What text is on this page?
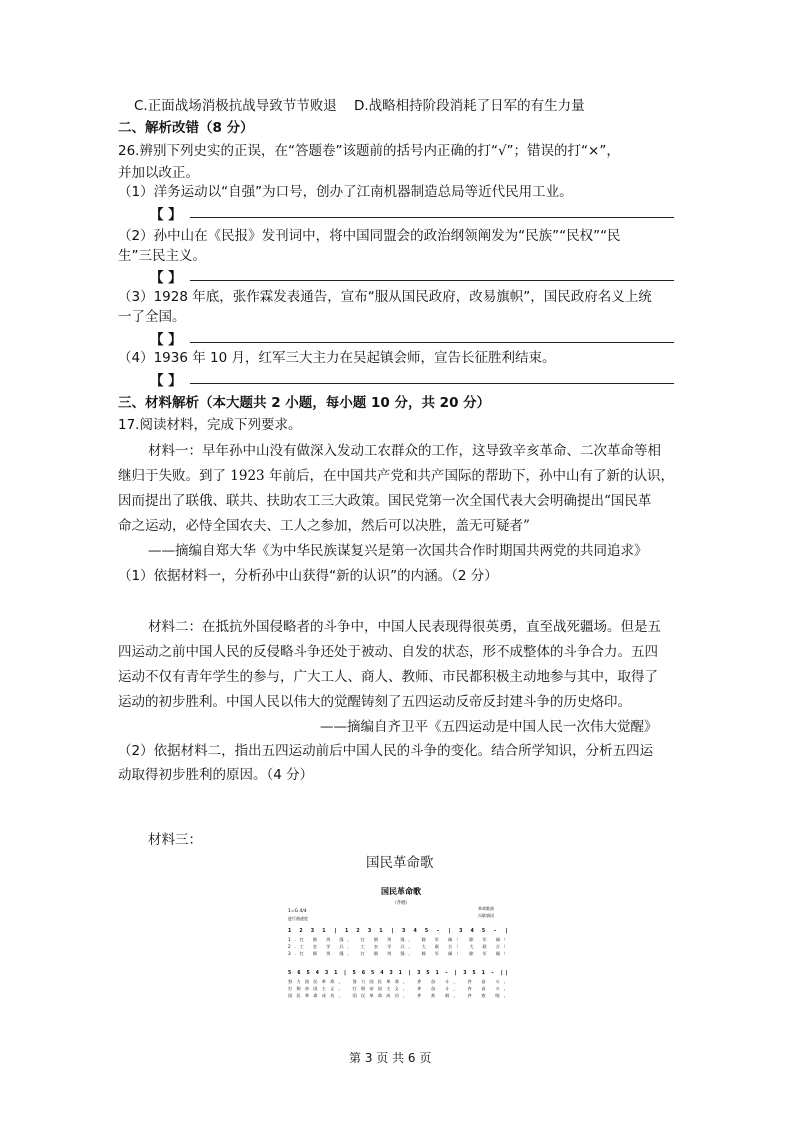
C.正面战场消极抗战导致节节败退 D.战略相持阶段消耗了日军的有生力量
二、解析改错（8 分）
26.辨别下列史实的正误，在“答题卷”该题前的括号内正确的打“√”；错误的打“×”，
并加以改正。
（1）洋务运动以“自强”为口号，创办了江南机器制造总局等近代民用工业。
【 】
（2）孙中山在《民报》发刊词中，将中国同盟会的政治纲领阐发为“民族”“民权”“民
生”三民主义。
【 】
（3）1928 年底，张作霖发表通告，宣布“服从国民政府，改易旗帜”，国民政府名义上统
一了全国。
【 】
（4）1936 年 10 月，红军三大主力在吴起镇会师，宣告长征胜利结束。
【 】
三、材料解析（本大题共 2 小题，每小题 10 分，共 20 分）
17.阅读材料，完成下列要求。
材料一：早年孙中山没有做深入发动工农群众的工作，这导致辛亥革命、二次革命等相
继归于失败。到了 1923 年前后，在中国共产党和共产国际的帮助下，孙中山有了新的认识，
因而提出了联俄、联共、扶助农工三大政策。国民党第一次全国代表大会明确提出“国民革
命之运动，必恃全国农夫、工人之参加，然后可以决胜，盖无可疑者”
——摘编自郑大华《为中华民族谋复兴是第一次国共合作时期国共两党的共同追求》
（1）依据材料一，分析孙中山获得“新的认识”的内涵。（2 分）
材料二：在抵抗外国侵略者的斗争中，中国人民表现得很英勇，直至战死疆场。但是五
四运动之前中国人民的反侵略斗争还处于被动、自发的状态，形不成整体的斗争合力。五四
运动不仅有青年学生的参与，广大工人、商人、教师、市民都积极主动地参与其中，取得了
运动的初步胜利。中国人民以伟大的觉醒铸刻了五四运动反帝反封建斗争的历史烙印。
——摘编自齐卫平《五四运动是中国人民一次伟大觉醒》
（2）依据材料二，指出五四运动前后中国人民的斗争的变化。结合所学知识，分析五四运
动取得初步胜利的原因。（4 分）
材料三：
国民革命歌
国民革命歌
（齐唱）
1=G 4/4
进行曲速度
革命歌曲
冯歇填词
1 2 3 1 | 1 2 3 1 | 3 4 5 - | 3 4 5 - |
1.打 倒 列 强， 打 倒 列 强， 除 军 阀！ 除 军 阀！
2.工 农 学 兵， 工 农 学 兵， 大 联 合！ 大 联 合！
3.打 倒 列 强， 打 倒 列 强， 除 军 阀！ 除 军 阀！
5 6 5 4 3 1 | 5 6 5 4 3 1 | 3 5 1 - | 3 5 1 - ||
努力国民革命， 努力国民革命， 齐 奋 斗， 齐 奋 斗。
打倒帝国主义， 打倒帝国主义， 齐 奋 斗， 齐 奋 斗。
国民革命成功， 国民革命成功， 齐 欢 唱， 齐 欢 唱。
第 3 页 共 6 页
